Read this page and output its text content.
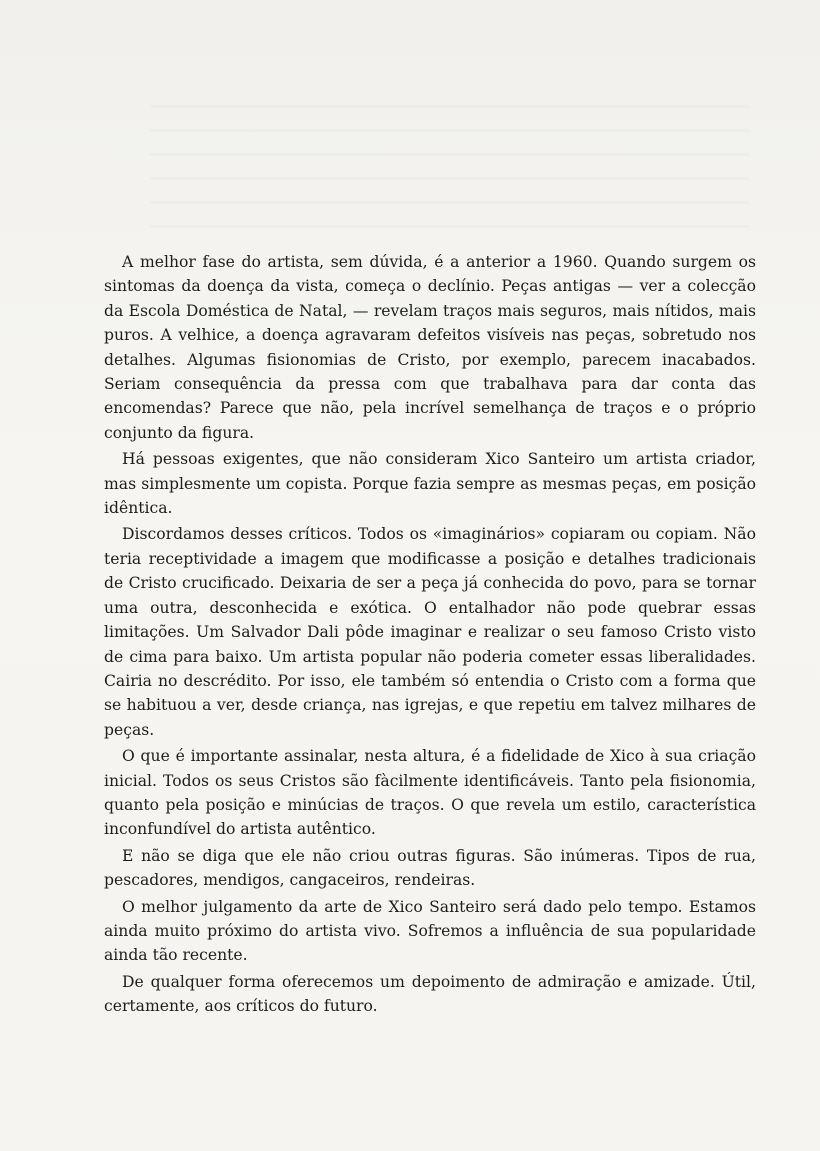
A melhor fase do artista, sem dúvida, é a anterior a 1960. Quando surgem os sintomas da doença da vista, começa o declínio. Peças antigas — ver a colecção da Escola Doméstica de Natal, — revelam traços mais seguros, mais nítidos, mais puros. A velhice, a doença agravaram defeitos visíveis nas peças, sobretudo nos detalhes. Algumas fisionomias de Cristo, por exemplo, parecem inacabados. Seriam consequência da pressa com que trabalhava para dar conta das encomendas? Parece que não, pela incrível semelhança de traços e o próprio conjunto da figura.

Há pessoas exigentes, que não consideram Xico Santeiro um artista criador, mas simplesmente um copista. Porque fazia sempre as mesmas peças, em posição idêntica.

Discordamos desses críticos. Todos os «imaginários» copiaram ou copiam. Não teria receptividade a imagem que modificasse a posição e detalhes tradicionais de Cristo crucificado. Deixaria de ser a peça já conhecida do povo, para se tornar uma outra, desconhecida e exótica. O entalhador não pode quebrar essas limitações. Um Salvador Dali pôde imaginar e realizar o seu famoso Cristo visto de cima para baixo. Um artista popular não poderia cometer essas liberalidades. Cairia no descrédito. Por isso, ele também só entendia o Cristo com a forma que se habituou a ver, desde criança, nas igrejas, e que repetiu em talvez milhares de peças.

O que é importante assinalar, nesta altura, é a fidelidade de Xico à sua criação inicial. Todos os seus Cristos são fàcilmente identificáveis. Tanto pela fisionomia, quanto pela posição e minúcias de traços. O que revela um estilo, característica inconfundível do artista autêntico.

E não se diga que ele não criou outras figuras. São inúmeras. Tipos de rua, pescadores, mendigos, cangaceiros, rendeiras.

O melhor julgamento da arte de Xico Santeiro será dado pelo tempo. Estamos ainda muito próximo do artista vivo. Sofremos a influência de sua popularidade ainda tão recente.

De qualquer forma oferecemos um depoimento de admiração e amizade. Útil, certamente, aos críticos do futuro.
